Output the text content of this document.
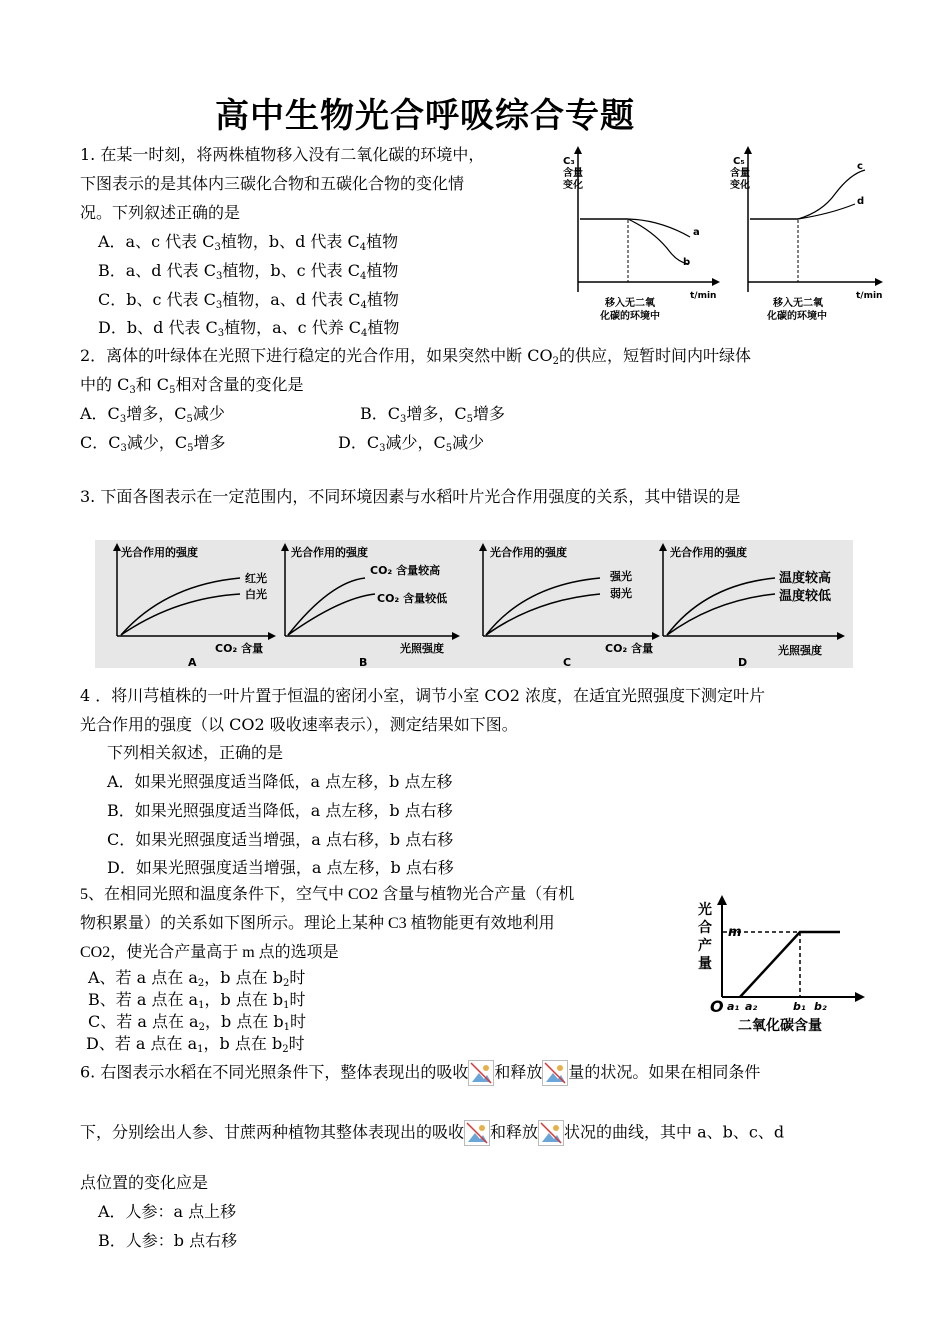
高中生物光合呼吸综合专题
1. 在某一时刻，将两株植物移入没有二氧化碳的环境中，
下图表示的是其体内三碳化合物和五碳化合物的变化情
况。下列叙述正确的是
A．a、c 代表 $C_3$植物，b、d 代表 $C_4$植物
B．a、d 代表 $C_3$植物，b、c 代表 $C_4$植物
C．b、c 代表 $C_3$植物，a、d 代表 $C_4$植物
D．b、d 代表 $C_3$植物，a、c 代养 $C_4$植物
C₃
含量
变化
a
b
t/min
移入无二氧
化碳的环境中
C₅
含量
变化
c
d
t/min
移入无二氧
化碳的环境中
2．离体的叶绿体在光照下进行稳定的光合作用，如果突然中断 $CO_2$的供应，短暂时间内叶绿体
中的 $C_3$和 $C_5$相对含量的变化是
A．$C_3$增多，$C_5$减少	B．$C_3$增多，$C_5$增多
C．$C_3$减少，$C_5$增多	D．$C_3$减少，$C_5$减少
3. 下面各图表示在一定范围内，不同环境因素与水稻叶片光合作用强度的关系，其中错误的是
光合作用的强度
红光
白光
CO₂ 含量
A
光合作用的强度
CO₂ 含量较高
CO₂ 含量较低
光照强度
B
光合作用的强度
强光
弱光
CO₂ 含量
C
光合作用的强度
温度较高
温度较低
光照强度
D
4 ．将川芎植株的一叶片置于恒温的密闭小室，调节小室 CO2 浓度，在适宜光照强度下测定叶片
光合作用的强度（以 CO2 吸收速率表示），测定结果如下图。
下列相关叙述，正确的是
A．如果光照强度适当降低，a 点左移，b 点左移
B．如果光照强度适当降低，a 点左移，b 点右移
C．如果光照强度适当增强，a 点右移，b 点右移
D．如果光照强度适当增强，a 点左移，b 点右移
5、在相同光照和温度条件下，空气中 CO2 含量与植物光合产量（有机
物积累量）的关系如下图所示。理论上某种 C3 植物能更有效地利用
CO2，使光合产量高于 m 点的选项是
A、若 a 点在 $a_2$，b 点在 $b_2$时
B、若 a 点在 $a_1$，b 点在 $b_1$时
C、若 a 点在 $a_2$，b 点在 $b_1$时
D、若 a 点在 $a_1$，b 点在 $b_2$时
光
合
产
量
m
O a₁ a₂	b₁ b₂
二氧化碳含量
6. 右图表示水稻在不同光照条件下，整体表现出的吸收 和释放 量的状况。如果在相同条件
下，分别绘出人参、甘蔗两种植物其整体表现出的吸收 和释放 状况的曲线，其中 a、b、c、d
点位置的变化应是
A．人参：a 点上移
B．人参：b 点右移
